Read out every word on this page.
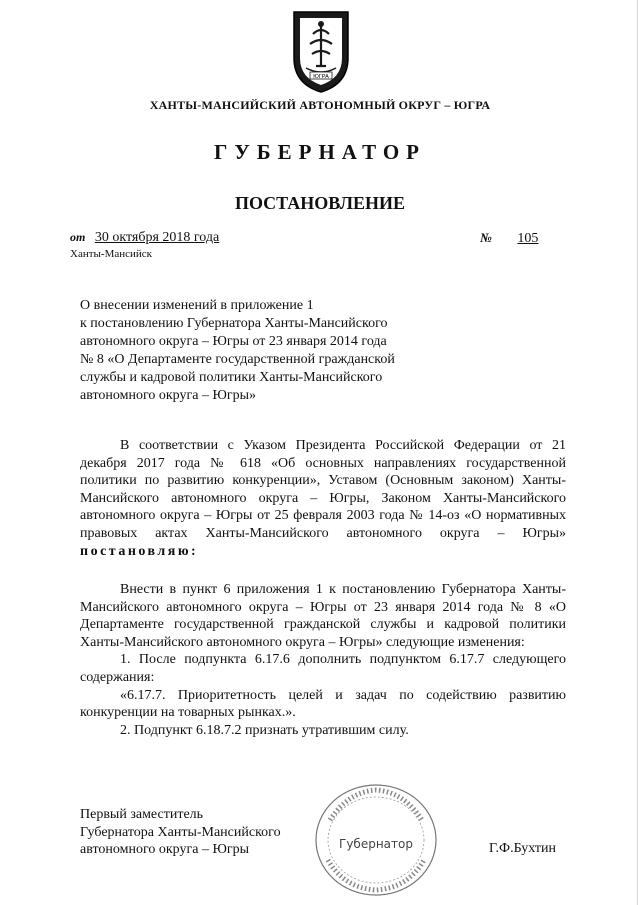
ЮГРА
ХАНТЫ-МАНСИЙСКИЙ АВТОНОМНЫЙ ОКРУГ – ЮГРА
ГУБЕРНАТОР
ПОСТАНОВЛЕНИЕ
от 30 октября 2018 года	№ 105
Ханты-Мансийск
О внесении изменений в приложение 1
к постановлению Губернатора Ханты-Мансийского
автономного округа – Югры от 23 января 2014 года
№ 8 «О Департаменте государственной гражданской
службы и кадровой политики Ханты-Мансийского
автономного округа – Югры»
В соответствии с Указом Президента Российской Федерации от 21 декабря 2017 года № 618 «Об основных направлениях государственной политики по развитию конкуренции», Уставом (Основным законом) Ханты-Мансийского автономного округа – Югры, Законом Ханты-Мансийского автономного округа – Югры от 25 февраля 2003 года № 14-оз «О нормативных правовых актах Ханты-Мансийского автономного округа – Югры» постановляю:
Внести в пункт 6 приложения 1 к постановлению Губернатора Ханты-Мансийского автономного округа – Югры от 23 января 2014 года № 8 «О Департаменте государственной гражданской службы и кадровой политики Ханты-Мансийского автономного округа – Югры» следующие изменения:
1. После подпункта 6.17.6 дополнить подпунктом 6.17.7 следующего содержания:
«6.17.7. Приоритетность целей и задач по содействию развитию конкуренции на товарных рынках.».
2. Подпункт 6.18.7.2 признать утратившим силу.
Первый заместитель
Губернатора Ханты-Мансийского
автономного округа – Югры	Губернатор	Г.Ф.Бухтин
